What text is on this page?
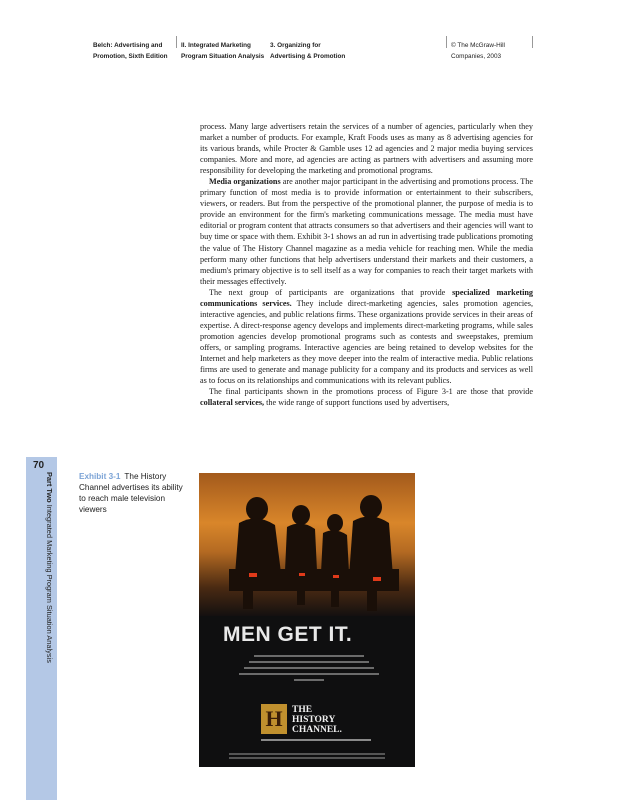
Belch: Advertising and
Promotion, Sixth Edition
II. Integrated Marketing
Program Situation Analysis
3. Organizing for
Advertising & Promotion
© The McGraw-Hill
Companies, 2003

process. Many large advertisers retain the services of a number of agencies, particularly when they market a number of products. For example, Kraft Foods uses as many as 8 advertising agencies for its various brands, while Procter & Gamble uses 12 ad agencies and 2 major media buying services companies. More and more, ad agencies are acting as partners with advertisers and assuming more responsibility for developing the marketing and promotional programs.

Media organizations are another major participant in the advertising and promotions process. The primary function of most media is to provide information or entertainment to their subscribers, viewers, or readers. But from the perspective of the promotional planner, the purpose of media is to provide an environment for the firm's marketing communications message. The media must have editorial or program content that attracts consumers so that advertisers and their agencies will want to buy time or space with them. Exhibit 3-1 shows an ad run in advertising trade publications promoting the value of The History Channel magazine as a media vehicle for reaching men. While the media perform many other functions that help advertisers understand their markets and their customers, a medium's primary objective is to sell itself as a way for companies to reach their target markets with their messages effectively.

The next group of participants are organizations that provide specialized marketing communications services. They include direct-marketing agencies, sales promotion agencies, interactive agencies, and public relations firms. These organizations provide services in their areas of expertise. A direct-response agency develops and implements direct-marketing programs, while sales promotion agencies develop promotional programs such as contests and sweepstakes, premium offers, or sampling programs. Interactive agencies are being retained to develop websites for the Internet and help marketers as they move deeper into the realm of interactive media. Public relations firms are used to generate and manage publicity for a company and its products and services as well as to focus on its relationships and communications with its relevant publics.

The final participants shown in the promotions process of Figure 3-1 are those that provide collateral services, the wide range of support functions used by advertisers,

70
Part Two Integrated Marketing Program Situation Analysis
Exhibit 3-1 The History Channel advertises its ability to reach male television viewers
MEN GET IT.
H THE
HISTORY
CHANNEL.
